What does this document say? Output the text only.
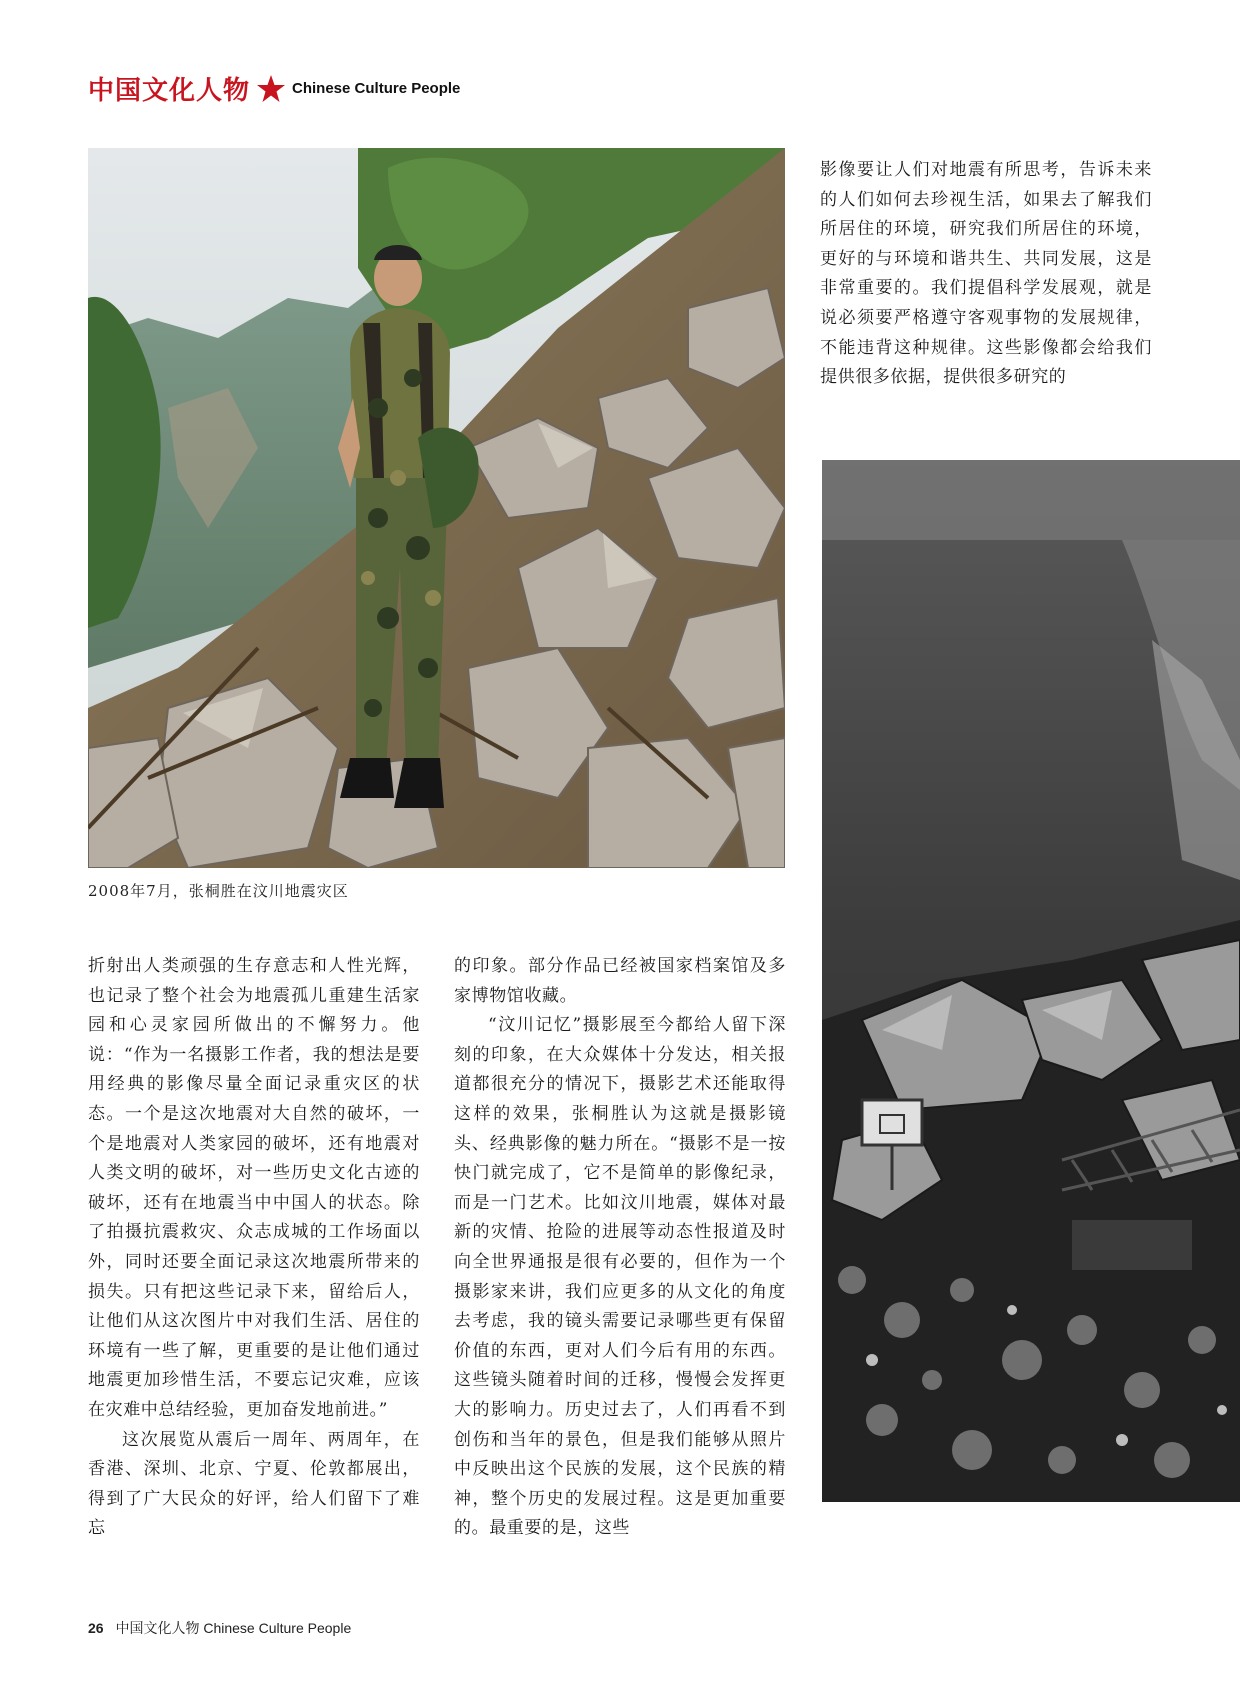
中国文化人物	Chinese Culture People
2008年7月，张桐胜在汶川地震灾区

影像要让人们对地震有所思考，告诉未来的人们如何去珍视生活，如果去了解我们所居住的环境，研究我们所居住的环境，更好的与环境和谐共生、共同发展，这是非常重要的。我们提倡科学发展观，就是说必须要严格遵守客观事物的发展规律，不能违背这种规律。这些影像都会给我们提供很多依据，提供很多研究的

折射出人类顽强的生存意志和人性光辉，也记录了整个社会为地震孤儿重建生活家园和心灵家园所做出的不懈努力。他说：“作为一名摄影工作者，我的想法是要用经典的影像尽量全面记录重灾区的状态。一个是这次地震对大自然的破坏，一个是地震对人类家园的破坏，还有地震对人类文明的破坏，对一些历史文化古迹的破坏，还有在地震当中中国人的状态。除了拍摄抗震救灾、众志成城的工作场面以外，同时还要全面记录这次地震所带来的损失。只有把这些记录下来，留给后人，让他们从这次图片中对我们生活、居住的环境有一些了解，更重要的是让他们通过地震更加珍惜生活，不要忘记灾难，应该在灾难中总结经验，更加奋发地前进。”

这次展览从震后一周年、两周年，在香港、深圳、北京、宁夏、伦敦都展出，得到了广大民众的好评，给人们留下了难忘

的印象。部分作品已经被国家档案馆及多家博物馆收藏。

“汶川记忆”摄影展至今都给人留下深刻的印象，在大众媒体十分发达，相关报道都很充分的情况下，摄影艺术还能取得这样的效果，张桐胜认为这就是摄影镜头、经典影像的魅力所在。“摄影不是一按快门就完成了，它不是简单的影像纪录，而是一门艺术。比如汶川地震，媒体对最新的灾情、抢险的进展等动态性报道及时向全世界通报是很有必要的，但作为一个摄影家来讲，我们应更多的从文化的角度去考虑，我的镜头需要记录哪些更有保留价值的东西，更对人们今后有用的东西。这些镜头随着时间的迁移，慢慢会发挥更大的影响力。历史过去了，人们再看不到创伤和当年的景色，但是我们能够从照片中反映出这个民族的发展，这个民族的精神，整个历史的发展过程。这是更加重要的。最重要的是，这些

26 中国文化人物 Chinese Culture People
